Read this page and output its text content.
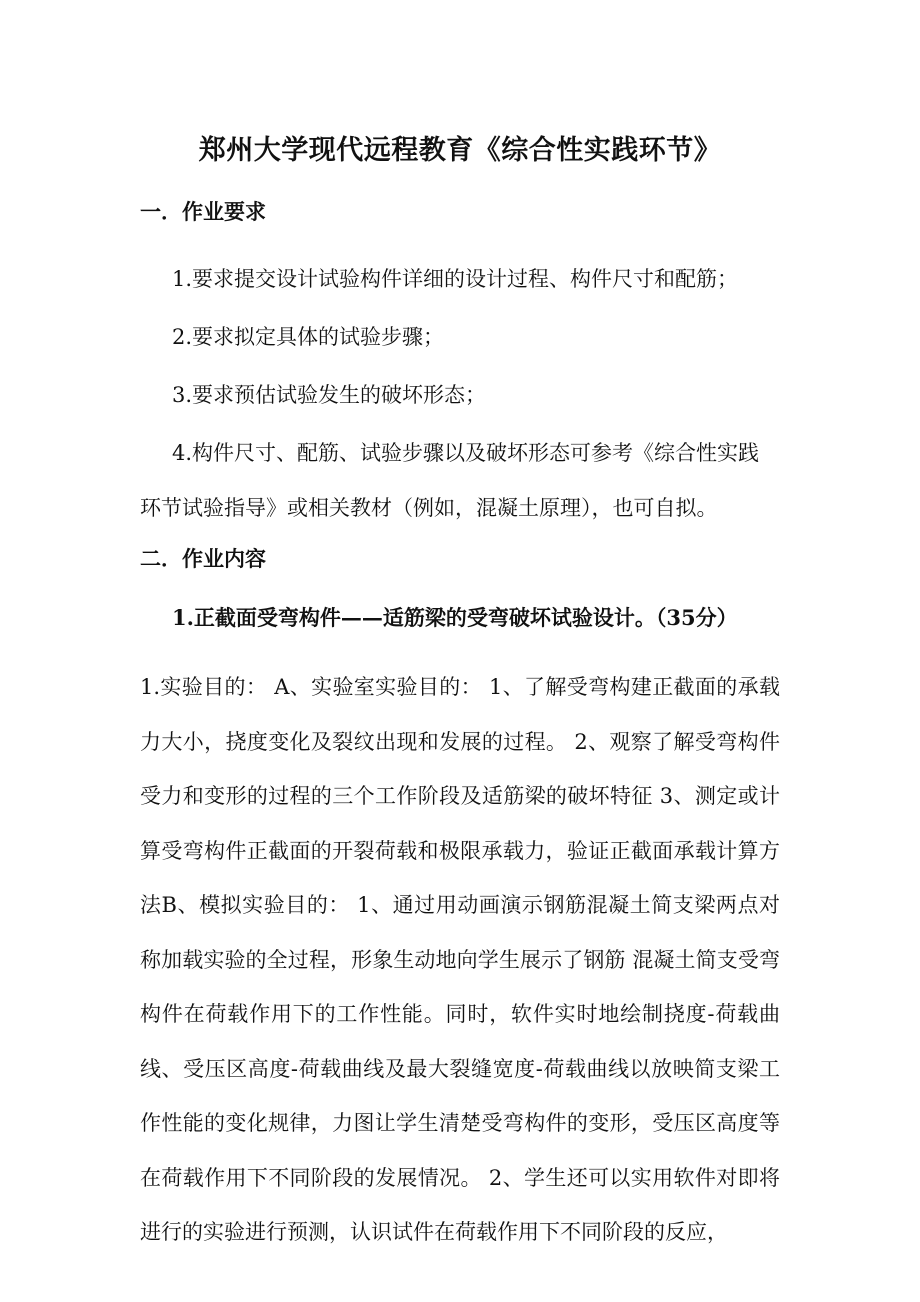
郑州大学现代远程教育《综合性实践环节》
一．作业要求
1.要求提交设计试验构件详细的设计过程、构件尺寸和配筋；
2.要求拟定具体的试验步骤；
3.要求预估试验发生的破坏形态；
4.构件尺寸、配筋、试验步骤以及破坏形态可参考《综合性实践环节试验指导》或相关教材（例如，混凝土原理），也可自拟。
二．作业内容
1.正截面受弯构件——适筋梁的受弯破坏试验设计。（35分）

1.实验目的： A、实验室实验目的： 1、了解受弯构建正截面的承载力大小，挠度变化及裂纹出现和发展的过程。 2、观察了解受弯构件受力和变形的过程的三个工作阶段及适筋梁的破坏特征 3、测定或计算受弯构件正截面的开裂荷载和极限承载力，验证正截面承载计算方法B、模拟实验目的： 1、通过用动画演示钢筋混凝土简支梁两点对称加载实验的全过程，形象生动地向学生展示了钢筋 混凝土简支受弯构件在荷载作用下的工作性能。同时，软件实时地绘制挠度-荷载曲线、受压区高度-荷载曲线及最大裂缝宽度-荷载曲线以放映简支梁工作性能的变化规律，力图让学生清楚受弯构件的变形，受压区高度等在荷载作用下不同阶段的发展情况。 2、学生还可以实用软件对即将进行的实验进行预测，认识试件在荷载作用下不同阶段的反应，
